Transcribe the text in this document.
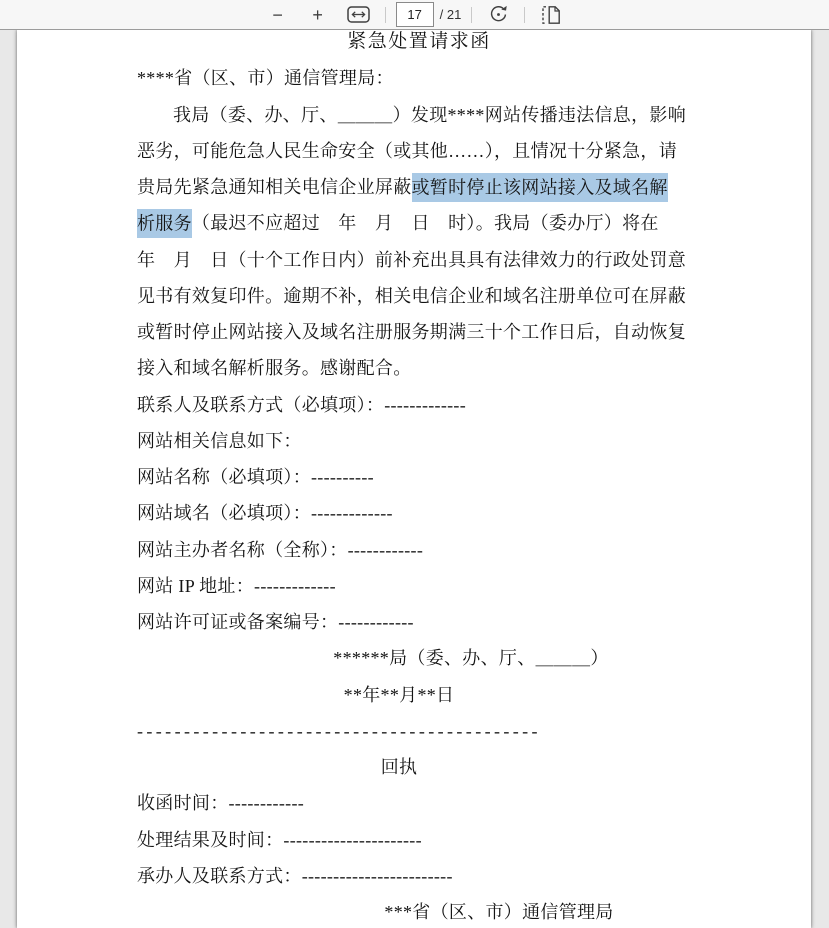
− +
17	/ 21
紧急处置请求函
****省（区、市）通信管理局：
我局（委、办、厅、＿＿＿）发现****网站传播违法信息，影响
恶劣，可能危急人民生命安全（或其他……），且情况十分紧急，请
贵局先紧急通知相关电信企业屏蔽或暂时停止该网站接入及域名解
析服务（最迟不应超过　年　月　日　时）。我局（委办厅）将在
年　月　日（十个工作日内）前补充出具具有法律效力的行政处罚意
见书有效复印件。逾期不补，相关电信企业和域名注册单位可在屏蔽
或暂时停止网站接入及域名注册服务期满三十个工作日后，自动恢复
接入和域名解析服务。感谢配合。
联系人及联系方式（必填项）：-------------
网站相关信息如下：
网站名称（必填项）：----------
网站域名（必填项）：-------------
网站主办者名称（全称）：------------
网站 IP 地址：-------------
网站许可证或备案编号：------------
******局（委、办、厅、＿＿＿）
**年**月**日
-------------------------------------------
回执
收函时间：------------
处理结果及时间：----------------------
承办人及联系方式：------------------------
***省（区、市）通信管理局
